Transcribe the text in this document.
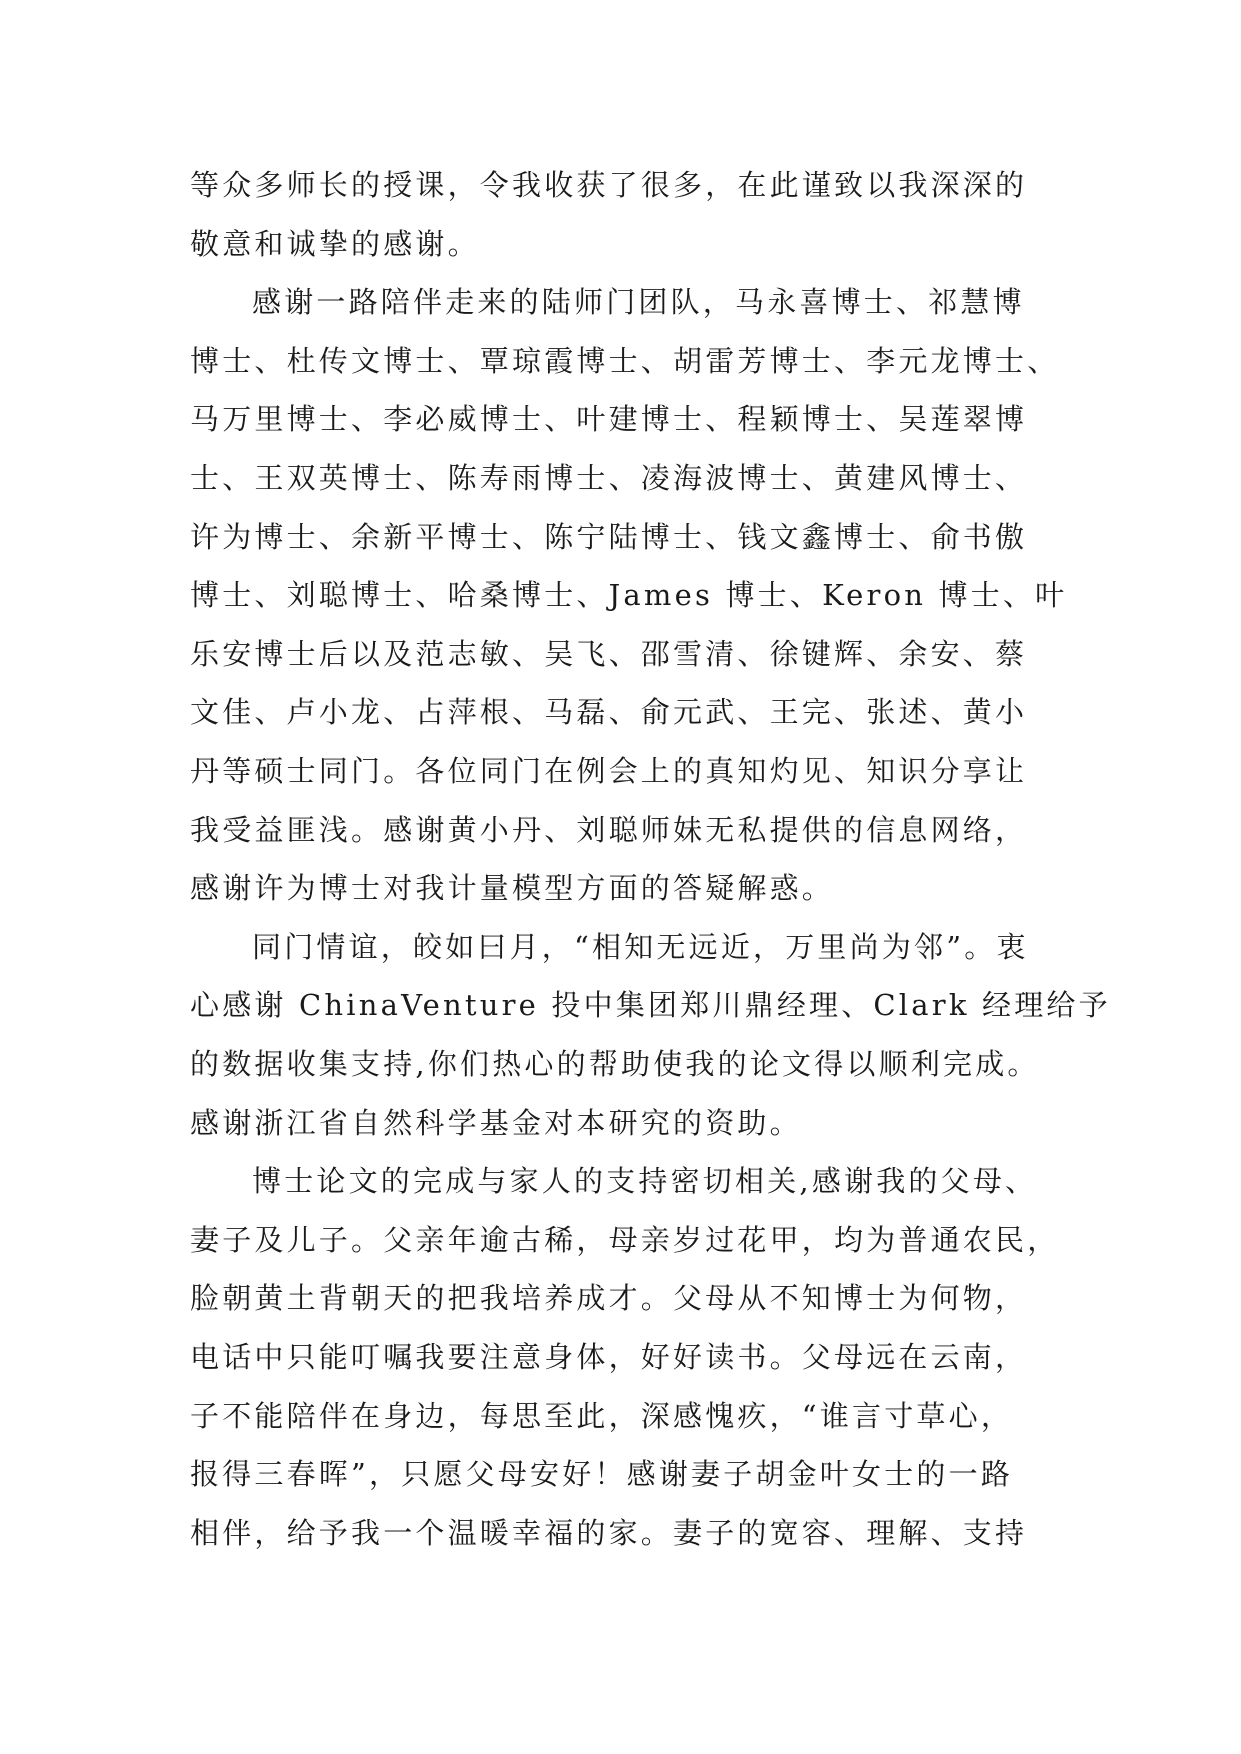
等众多师长的授课，令我收获了很多，在此谨致以我深深的
敬意和诚挚的感谢。
感谢一路陪伴走来的陆师门团队，马永喜博士、祁慧博
博士、杜传文博士、覃琼霞博士、胡雷芳博士、李元龙博士、
马万里博士、李必威博士、叶建博士、程颖博士、吴莲翠博
士、王双英博士、陈寿雨博士、凌海波博士、黄建风博士、
许为博士、余新平博士、陈宁陆博士、钱文鑫博士、俞书傲
博士、刘聪博士、哈桑博士、James 博士、Keron 博士、叶
乐安博士后以及范志敏、吴飞、邵雪清、徐键辉、余安、蔡
文佳、卢小龙、占萍根、马磊、俞元武、王完、张述、黄小
丹等硕士同门。各位同门在例会上的真知灼见、知识分享让
我受益匪浅。感谢黄小丹、刘聪师妹无私提供的信息网络，
感谢许为博士对我计量模型方面的答疑解惑。
同门情谊，皎如曰月，“相知无远近，万里尚为邻”。衷
心感谢 ChinaVenture 投中集团郑川鼎经理、Clark 经理给予
的数据收集支持,你们热心的帮助使我的论文得以顺利完成。
感谢浙江省自然科学基金对本研究的资助。
博士论文的完成与家人的支持密切相关,感谢我的父母、
妻子及儿子。父亲年逾古稀，母亲岁过花甲，均为普通农民，
脸朝黄土背朝天的把我培养成才。父母从不知博士为何物，
电话中只能叮嘱我要注意身体，好好读书。父母远在云南，
子不能陪伴在身边，每思至此，深感愧疚，“谁言寸草心，
报得三春晖”，只愿父母安好！感谢妻子胡金叶女士的一路
相伴，给予我一个温暖幸福的家。妻子的宽容、理解、支持
